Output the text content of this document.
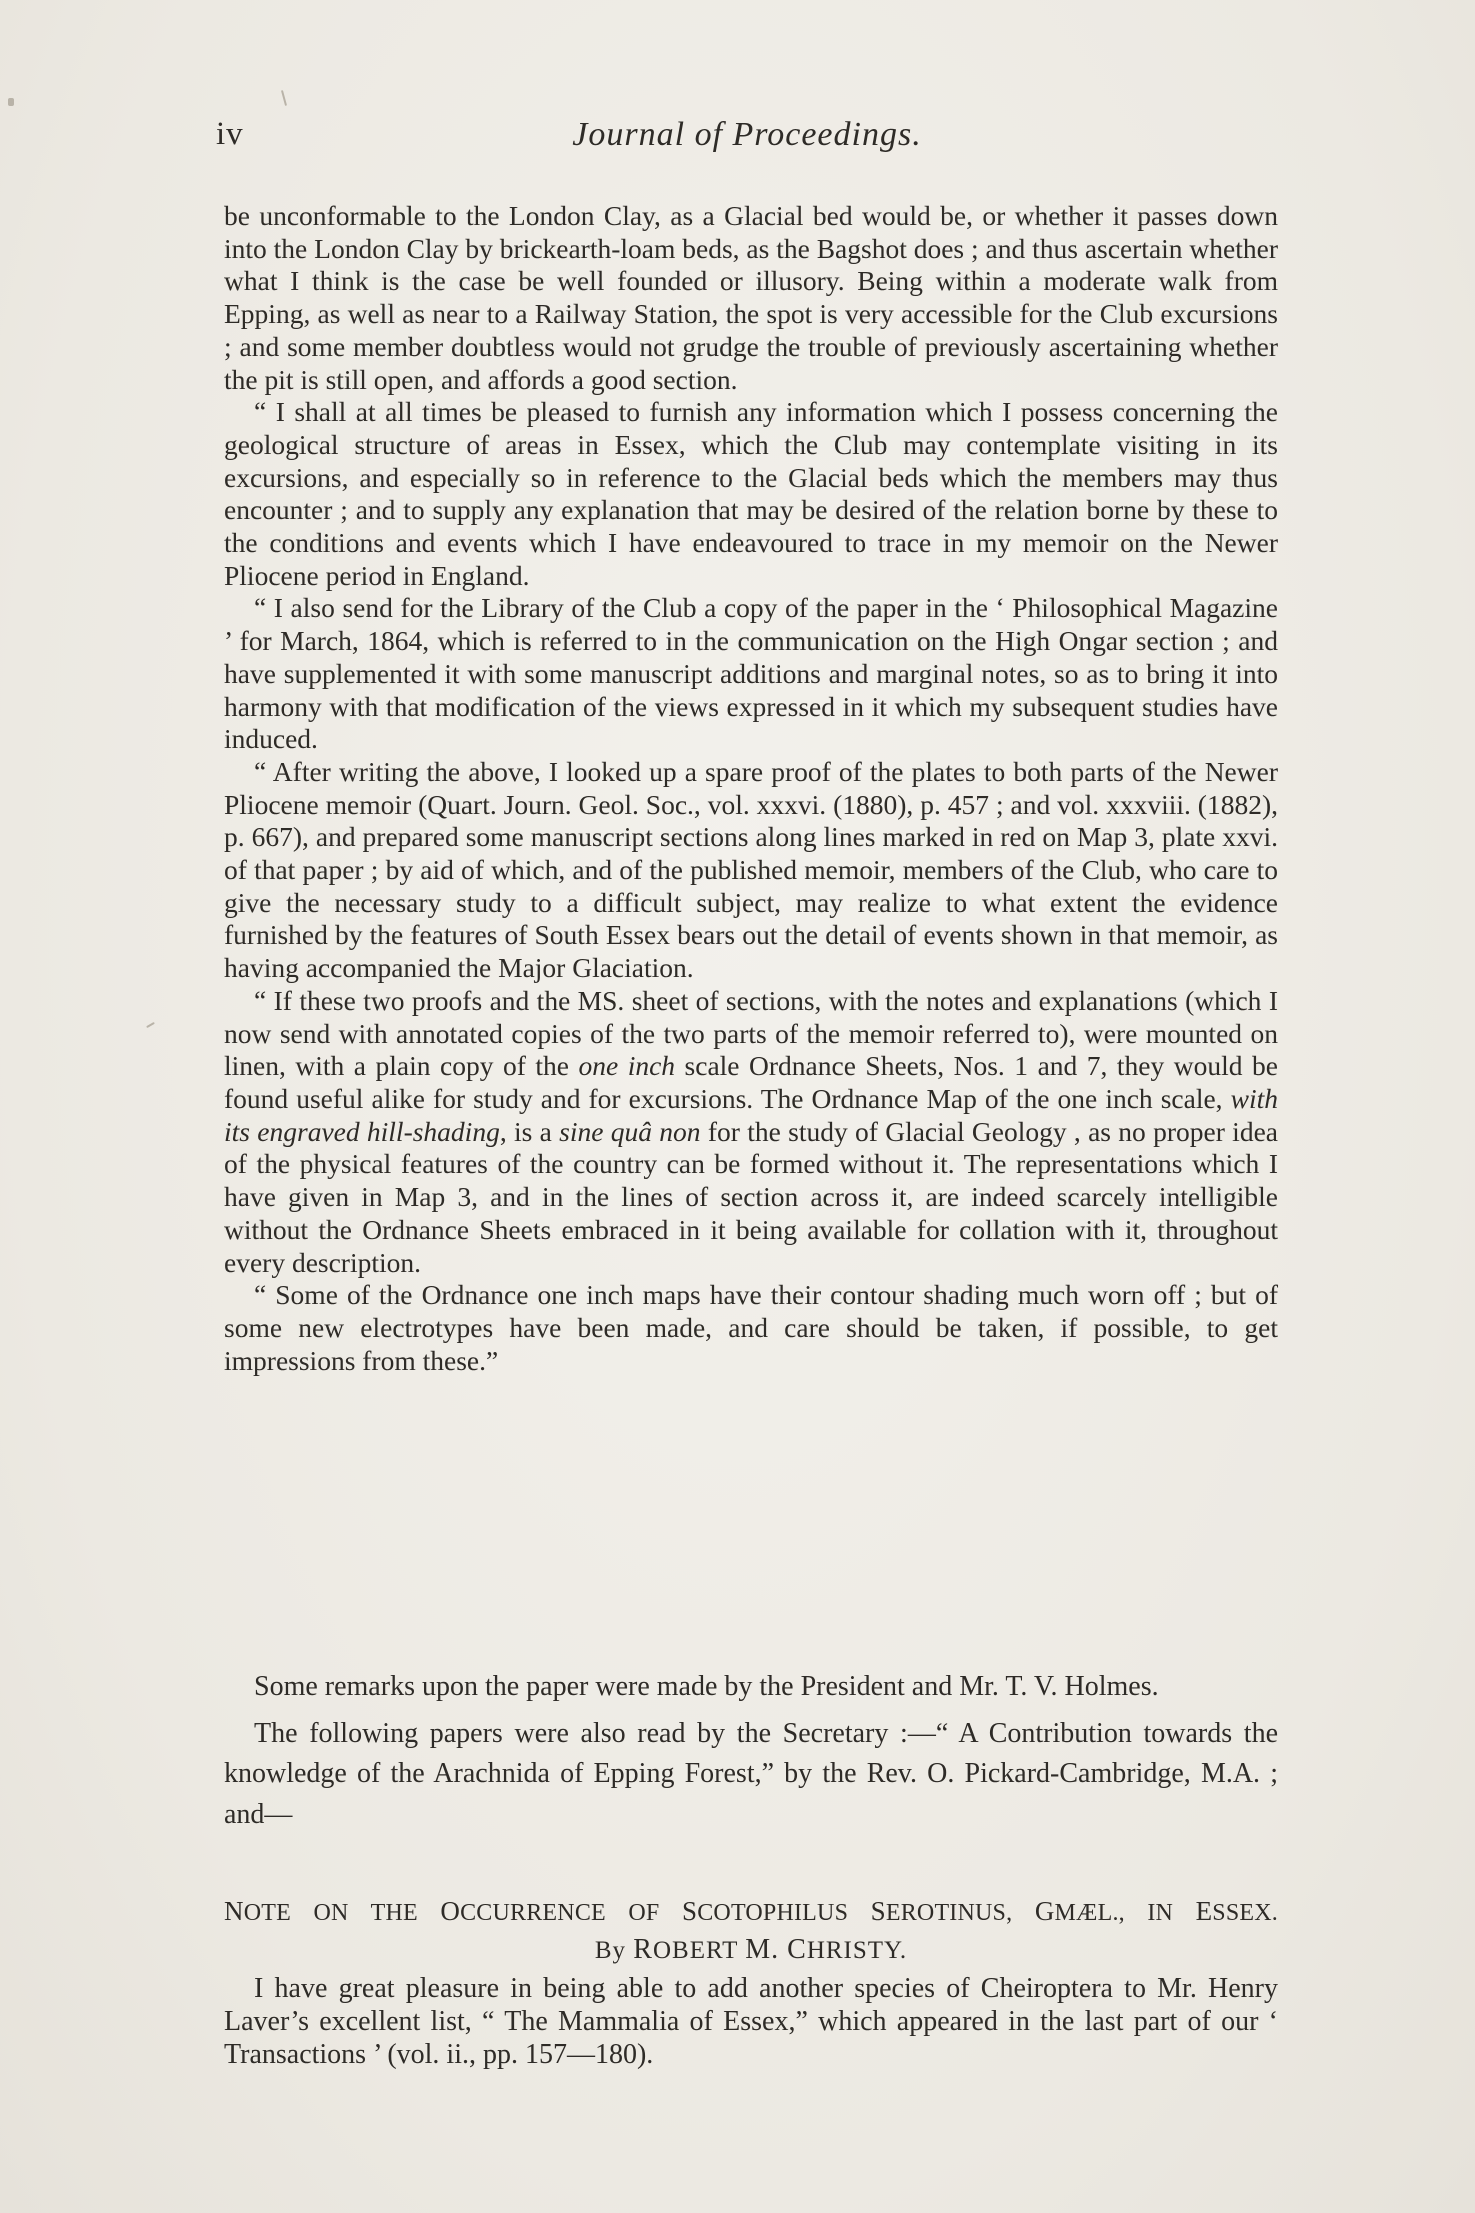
iv	Journal of Proceedings.

be unconformable to the London Clay, as a Glacial bed would be, or whether it passes down into the London Clay by brickearth-loam beds, as the Bagshot does ; and thus ascertain whether what I think is the case be well founded or illusory. Being within a moderate walk from Epping, as well as near to a Railway Station, the spot is very accessible for the Club excursions ; and some member doubtless would not grudge the trouble of previously ascertaining whether the pit is still open, and affords a good section.

“ I shall at all times be pleased to furnish any information which I possess concerning the geological structure of areas in Essex, which the Club may contemplate visiting in its excursions, and especially so in reference to the Glacial beds which the members may thus encounter ; and to supply any explanation that may be desired of the relation borne by these to the conditions and events which I have endeavoured to trace in my memoir on the Newer Pliocene period in England.

“ I also send for the Library of the Club a copy of the paper in the ‘ Philosophical Magazine ’ for March, 1864, which is referred to in the communication on the High Ongar section ; and have supplemented it with some manuscript additions and marginal notes, so as to bring it into harmony with that modification of the views expressed in it which my subsequent studies have induced.

“ After writing the above, I looked up a spare proof of the plates to both parts of the Newer Pliocene memoir (Quart. Journ. Geol. Soc., vol. xxxvi. (1880), p. 457 ; and vol. xxxviii. (1882), p. 667), and prepared some manuscript sections along lines marked in red on Map 3, plate xxvi. of that paper ; by aid of which, and of the published memoir, members of the Club, who care to give the necessary study to a difficult subject, may realize to what extent the evidence furnished by the features of South Essex bears out the detail of events shown in that memoir, as having accompanied the Major Glaciation.

“ If these two proofs and the MS. sheet of sections, with the notes and explanations (which I now send with annotated copies of the two parts of the memoir referred to), were mounted on linen, with a plain copy of the one inch scale Ordnance Sheets, Nos. 1 and 7, they would be found useful alike for study and for excursions. The Ordnance Map of the one inch scale, with its engraved hill-shading, is a sine quâ non for the study of Glacial Geology , as no proper idea of the physical features of the country can be formed without it. The representations which I have given in Map 3, and in the lines of section across it, are indeed scarcely intelligible without the Ordnance Sheets embraced in it being available for collation with it, throughout every description.

“ Some of the Ordnance one inch maps have their contour shading much worn off ; but of some new electrotypes have been made, and care should be taken, if possible, to get impressions from these.”

Some remarks upon the paper were made by the President and Mr. T. V. Holmes.

The following papers were also read by the Secretary :—“ A Contribution towards the knowledge of the Arachnida of Epping Forest,” by the Rev. O. Pickard-Cambridge, M.A. ; and—

NOTE ON THE OCCURRENCE OF SCOTOPHILUS SEROTINUS, GMÆL., IN ESSEX.
By ROBERT M. CHRISTY.

I have great pleasure in being able to add another species of Cheiroptera to Mr. Henry Laver’s excellent list, “ The Mammalia of Essex,” which appeared in the last part of our ‘ Transactions ’ (vol. ii., pp. 157—180).
